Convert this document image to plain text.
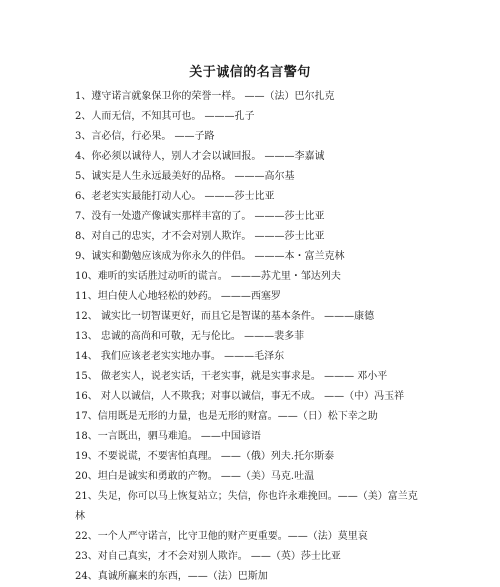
关于诚信的名言警句
1、遵守诺言就象保卫你的荣誉一样。 ——（法）巴尔扎克
2、人而无信，不知其可也。 ———孔子
3、言必信，行必果。 ——子路
4、你必须以诚待人，别人才会以诚回报。 ———李嘉诚
5、诚实是人生永远最美好的品格。 ———高尔基
6、老老实实最能打动人心。 ———莎士比亚
7、没有一处遗产像诚实那样丰富的了。 ———莎士比亚
8、对自己的忠实，才不会对别人欺诈。 ———莎士比亚
9、诚实和勤勉应该成为你永久的伴侣。 ———本・富兰克林
10、难听的实话胜过动听的谎言。 ———苏尤里・邹达列夫
11、坦白使人心地轻松的妙药。 ———西塞罗
12、 诚实比一切智谋更好，而且它是智谋的基本条件。 ———康德
13、 忠诚的高尚和可敬，无与伦比。 ———裴多菲
14、 我们应该老老实实地办事。 ———毛泽东
15、 做老实人，说老实话，干老实事，就是实事求是。 ——— 邓小平
16、 对人以诚信，人不欺我；对事以诚信，事无不成。 ——（中）冯玉祥
17、信用既是无形的力量，也是无形的财富。——（日）松下幸之助
18、一言既出，驷马难追。 ——中国谚语
19、不要说谎，不要害怕真理。 ——（俄）列夫.托尔斯泰
20、坦白是诚实和勇敢的产物。 ——（美）马克.吐温
21、失足，你可以马上恢复站立；失信，你也许永难挽回。——（美）富兰克
林
22、一个人严守诺言，比守卫他的财产更重要。——（法）莫里哀
23、对自己真实，才不会对别人欺诈。 ——（英）莎士比亚
24、真诚所赢来的东西，——（法）巴斯加
